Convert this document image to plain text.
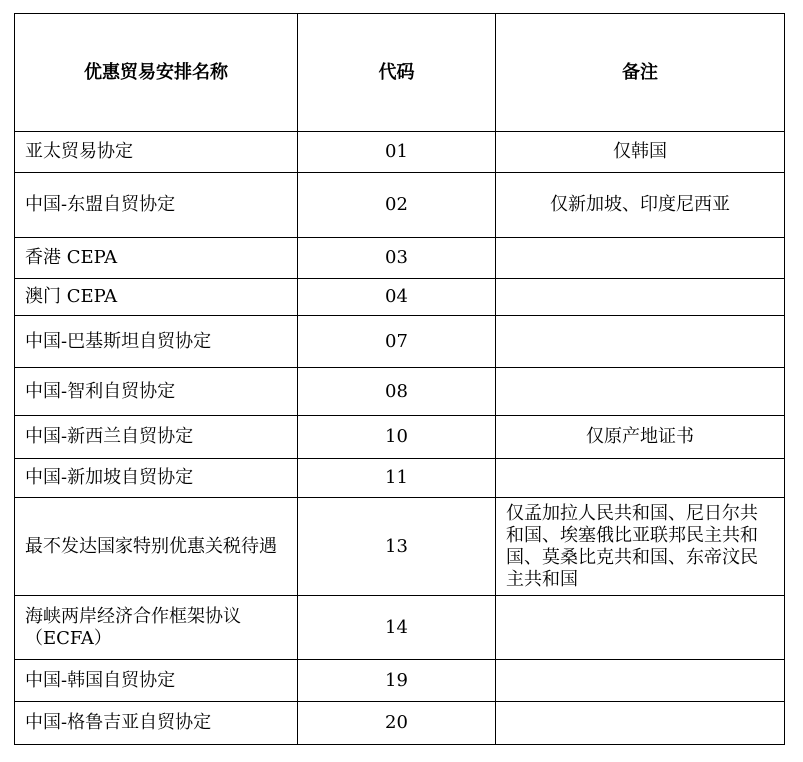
优惠贸易安排名称	代码	备注
亚太贸易协定	01	仅韩国
中国-东盟自贸协定	02	仅新加坡、印度尼西亚
香港 CEPA	03	
澳门 CEPA	04	
中国-巴基斯坦自贸协定	07	
中国-智利自贸协定	08	
中国-新西兰自贸协定	10	仅原产地证书
中国-新加坡自贸协定	11	
最不发达国家特别优惠关税待遇	13	仅孟加拉人民共和国、尼日尔共和国、埃塞俄比亚联邦民主共和国、莫桑比克共和国、东帝汶民主共和国
海峡两岸经济合作框架协议（ECFA）	14	
中国-韩国自贸协定	19	
中国-格鲁吉亚自贸协定	20	
